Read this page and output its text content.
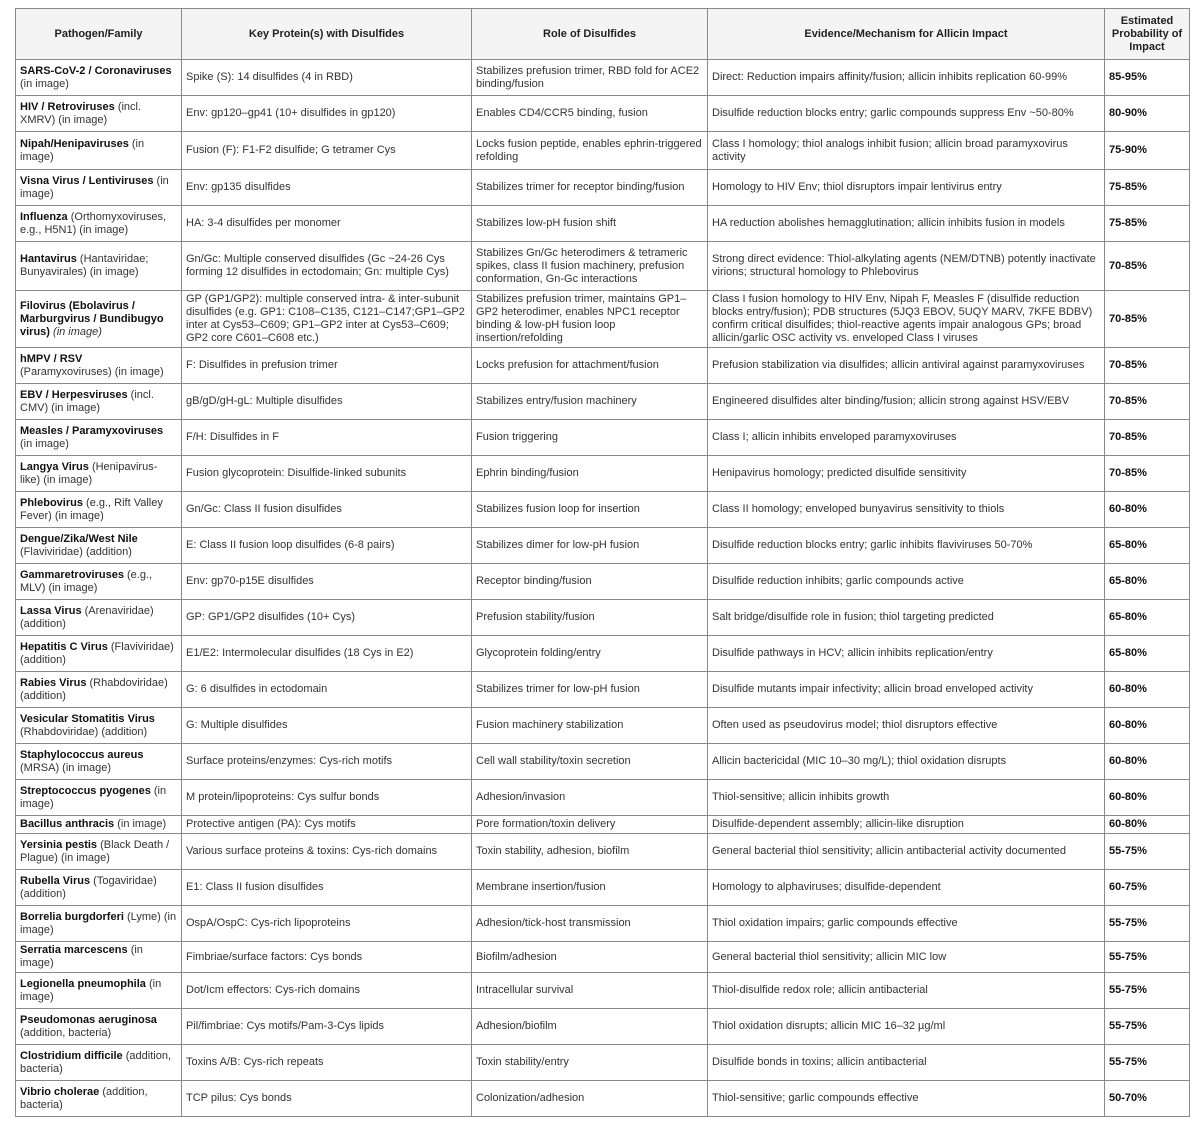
Pathogen/Family	Key Protein(s) with Disulfides	Role of Disulfides	Evidence/Mechanism for Allicin Impact	Estimated Probability of Impact
SARS-CoV-2 / Coronaviruses (in image)	Spike (S): 14 disulfides (4 in RBD)	Stabilizes prefusion trimer, RBD fold for ACE2 binding/fusion	Direct: Reduction impairs affinity/fusion; allicin inhibits replication 60-99%	85-95%
HIV / Retroviruses (incl. XMRV) (in image)	Env: gp120–gp41 (10+ disulfides in gp120)	Enables CD4/CCR5 binding, fusion	Disulfide reduction blocks entry; garlic compounds suppress Env ~50-80%	80-90%
Nipah/Henipaviruses (in image)	Fusion (F): F1-F2 disulfide; G tetramer Cys	Locks fusion peptide, enables ephrin-triggered refolding	Class I homology; thiol analogs inhibit fusion; allicin broad paramyxovirus activity	75-90%
Visna Virus / Lentiviruses (in image)	Env: gp135 disulfides	Stabilizes trimer for receptor binding/fusion	Homology to HIV Env; thiol disruptors impair lentivirus entry	75-85%
Influenza (Orthomyxoviruses, e.g., H5N1) (in image)	HA: 3-4 disulfides per monomer	Stabilizes low-pH fusion shift	HA reduction abolishes hemagglutination; allicin inhibits fusion in models	75-85%
Hantavirus (Hantaviridae; Bunyavirales) (in image)	Gn/Gc: Multiple conserved disulfides (Gc ~24-26 Cys forming 12 disulfides in ectodomain; Gn: multiple Cys)	Stabilizes Gn/Gc heterodimers & tetrameric spikes, class II fusion machinery, prefusion conformation, Gn-Gc interactions	Strong direct evidence: Thiol-alkylating agents (NEM/DTNB) potently inactivate virions; structural homology to Phlebovirus	70-85%
Filovirus (Ebolavirus / Marburgvirus / Bundibugyo virus) (in image)	GP (GP1/GP2): multiple conserved intra- & inter-subunit disulfides (e.g. GP1: C108–C135, C121–C147;GP1–GP2 inter at Cys53–C609; GP1–GP2 inter at Cys53–C609; GP2 core C601–C608 etc.)	Stabilizes prefusion trimer, maintains GP1–GP2 heterodimer, enables NPC1 receptor binding & low-pH fusion loop insertion/refolding	Class I fusion homology to HIV Env, Nipah F, Measles F (disulfide reduction blocks entry/fusion); PDB structures (5JQ3 EBOV, 5UQY MARV, 7KFE BDBV) confirm critical disulfides; thiol-reactive agents impair analogous GPs; broad allicin/garlic OSC activity vs. enveloped Class I viruses	70-85%
hMPV / RSV (Paramyxoviruses) (in image)	F: Disulfides in prefusion trimer	Locks prefusion for attachment/fusion	Prefusion stabilization via disulfides; allicin antiviral against paramyxoviruses	70-85%
EBV / Herpesviruses (incl. CMV) (in image)	gB/gD/gH-gL: Multiple disulfides	Stabilizes entry/fusion machinery	Engineered disulfides alter binding/fusion; allicin strong against HSV/EBV	70-85%
Measles / Paramyxoviruses (in image)	F/H: Disulfides in F	Fusion triggering	Class I; allicin inhibits enveloped paramyxoviruses	70-85%
Langya Virus (Henipavirus-like) (in image)	Fusion glycoprotein: Disulfide-linked subunits	Ephrin binding/fusion	Henipavirus homology; predicted disulfide sensitivity	70-85%
Phlebovirus (e.g., Rift Valley Fever) (in image)	Gn/Gc: Class II fusion disulfides	Stabilizes fusion loop for insertion	Class II homology; enveloped bunyavirus sensitivity to thiols	60-80%
Dengue/Zika/West Nile (Flaviviridae) (addition)	E: Class II fusion loop disulfides (6-8 pairs)	Stabilizes dimer for low-pH fusion	Disulfide reduction blocks entry; garlic inhibits flaviviruses 50-70%	65-80%
Gammaretroviruses (e.g., MLV) (in image)	Env: gp70-p15E disulfides	Receptor binding/fusion	Disulfide reduction inhibits; garlic compounds active	65-80%
Lassa Virus (Arenaviridae) (addition)	GP: GP1/GP2 disulfides (10+ Cys)	Prefusion stability/fusion	Salt bridge/disulfide role in fusion; thiol targeting predicted	65-80%
Hepatitis C Virus (Flaviviridae) (addition)	E1/E2: Intermolecular disulfides (18 Cys in E2)	Glycoprotein folding/entry	Disulfide pathways in HCV; allicin inhibits replication/entry	65-80%
Rabies Virus (Rhabdoviridae) (addition)	G: 6 disulfides in ectodomain	Stabilizes trimer for low-pH fusion	Disulfide mutants impair infectivity; allicin broad enveloped activity	60-80%
Vesicular Stomatitis Virus (Rhabdoviridae) (addition)	G: Multiple disulfides	Fusion machinery stabilization	Often used as pseudovirus model; thiol disruptors effective	60-80%
Staphylococcus aureus (MRSA) (in image)	Surface proteins/enzymes: Cys-rich motifs	Cell wall stability/toxin secretion	Allicin bactericidal (MIC 10–30 mg/L); thiol oxidation disrupts	60-80%
Streptococcus pyogenes (in image)	M protein/lipoproteins: Cys sulfur bonds	Adhesion/invasion	Thiol-sensitive; allicin inhibits growth	60-80%
Bacillus anthracis (in image)	Protective antigen (PA): Cys motifs	Pore formation/toxin delivery	Disulfide-dependent assembly; allicin-like disruption	60-80%
Yersinia pestis (Black Death / Plague) (in image)	Various surface proteins & toxins: Cys-rich domains	Toxin stability, adhesion, biofilm	General bacterial thiol sensitivity; allicin antibacterial activity documented	55-75%
Rubella Virus (Togaviridae) (addition)	E1: Class II fusion disulfides	Membrane insertion/fusion	Homology to alphaviruses; disulfide-dependent	60-75%
Borrelia burgdorferi (Lyme) (in image)	OspA/OspC: Cys-rich lipoproteins	Adhesion/tick-host transmission	Thiol oxidation impairs; garlic compounds effective	55-75%
Serratia marcescens (in image)	Fimbriae/surface factors: Cys bonds	Biofilm/adhesion	General bacterial thiol sensitivity; allicin MIC low	55-75%
Legionella pneumophila (in image)	Dot/Icm effectors: Cys-rich domains	Intracellular survival	Thiol-disulfide redox role; allicin antibacterial	55-75%
Pseudomonas aeruginosa (addition, bacteria)	Pil/fimbriae: Cys motifs/Pam-3-Cys lipids	Adhesion/biofilm	Thiol oxidation disrupts; allicin MIC 16–32 µg/ml	55-75%
Clostridium difficile (addition, bacteria)	Toxins A/B: Cys-rich repeats	Toxin stability/entry	Disulfide bonds in toxins; allicin antibacterial	55-75%
Vibrio cholerae (addition, bacteria)	TCP pilus: Cys bonds	Colonization/adhesion	Thiol-sensitive; garlic compounds effective	50-70%
